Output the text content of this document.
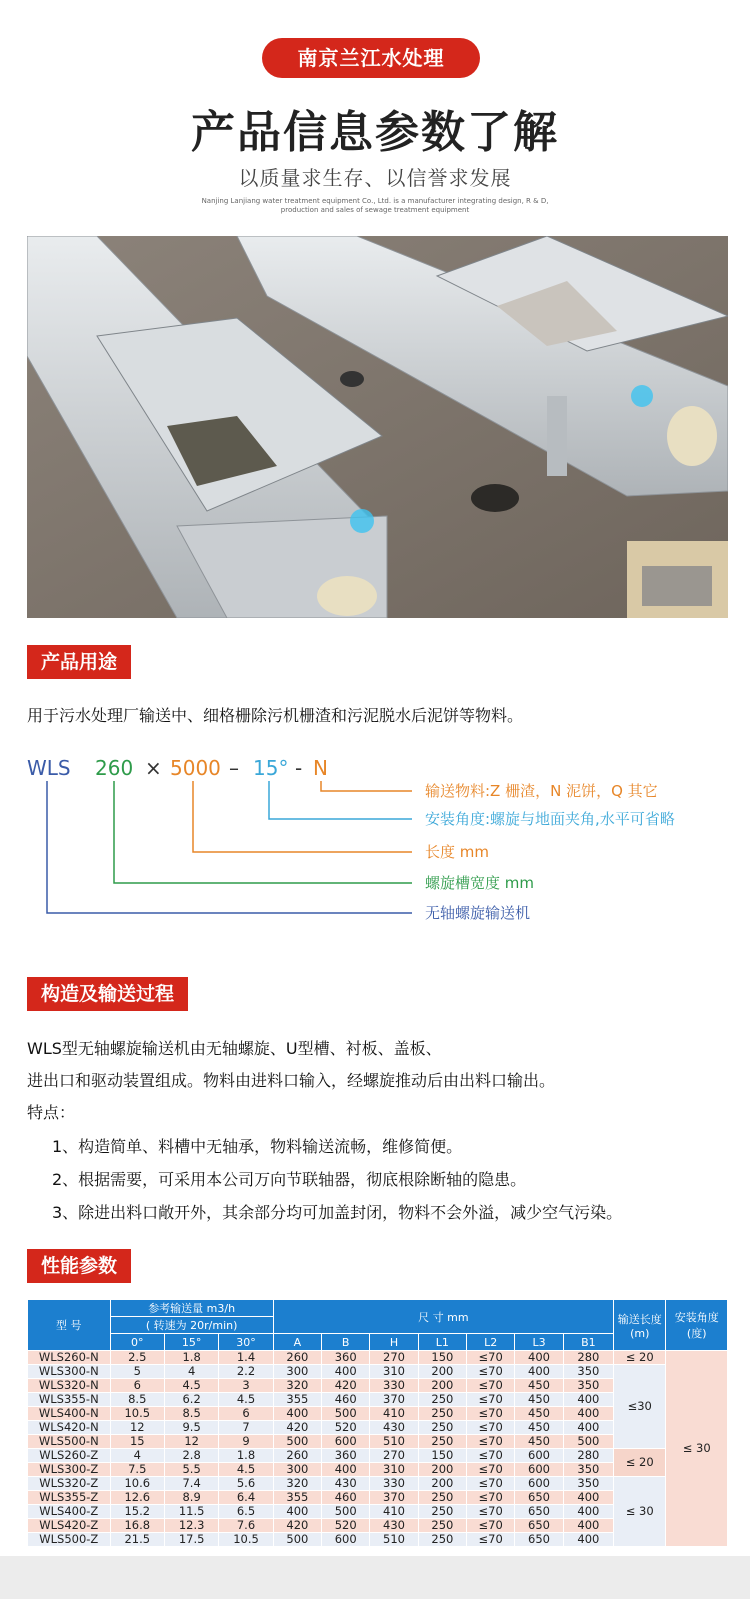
南京兰江水处理
产品信息参数了解
以质量求生存、以信誉求发展
Nanjing Lanjiang water treatment equipment Co., Ltd. is a manufacturer integrating design, R & D,
production and sales of sewage treatment equipment
产品用途
用于污水处理厂输送中、细格栅除污机栅渣和污泥脱水后泥饼等物料。
WLS 260 × 5000 – 15° - N
输送物料:Z 栅渣，N 泥饼，Q 其它
安装角度:螺旋与地面夹角,水平可省略
长度 mm
螺旋槽宽度 mm
无轴螺旋输送机
构造及输送过程
WLS型无轴螺旋输送机由无轴螺旋、U型槽、衬板、盖板、
进出口和驱动装置组成。物料由进料口输入，经螺旋推动后由出料口输出。
特点：
1、构造简单、料槽中无轴承，物料输送流畅，维修简便。
2、根据需要，可采用本公司万向节联轴器，彻底根除断轴的隐患。
3、除进出料口敞开外，其余部分均可加盖封闭，物料不会外溢，减少空气污染。
性能参数
型 号	参考输送量 m3/h			尺 寸 mm							输送长度(m)	安装角度(度)
	( 转速为 20r/min)											
	0°	15°	30°	A	B	H	L1	L2	L3	B1		
WLS260-N	2.5	1.8	1.4	260	360	270	150	≤70	400	280	≤ 20	≤ 30
WLS300-N	5	4	2.2	300	400	310	200	≤70	400	350	≤30	
WLS320-N	6	4.5	3	320	420	330	200	≤70	450	350		
WLS355-N	8.5	6.2	4.5	355	460	370	250	≤70	450	400		
WLS400-N	10.5	8.5	6	400	500	410	250	≤70	450	400		
WLS420-N	12	9.5	7	420	520	430	250	≤70	450	400		
WLS500-N	15	12	9	500	600	510	250	≤70	450	500		
WLS260-Z	4	2.8	1.8	260	360	270	150	≤70	600	280	≤ 20	
WLS300-Z	7.5	5.5	4.5	300	400	310	200	≤70	600	350		
WLS320-Z	10.6	7.4	5.6	320	430	330	200	≤70	600	350	≤ 30	
WLS355-Z	12.6	8.9	6.4	355	460	370	250	≤70	650	400		
WLS400-Z	15.2	11.5	6.5	400	500	410	250	≤70	650	400		
WLS420-Z	16.8	12.3	7.6	420	520	430	250	≤70	650	400		
WLS500-Z	21.5	17.5	10.5	500	600	510	250	≤70	650	400		
